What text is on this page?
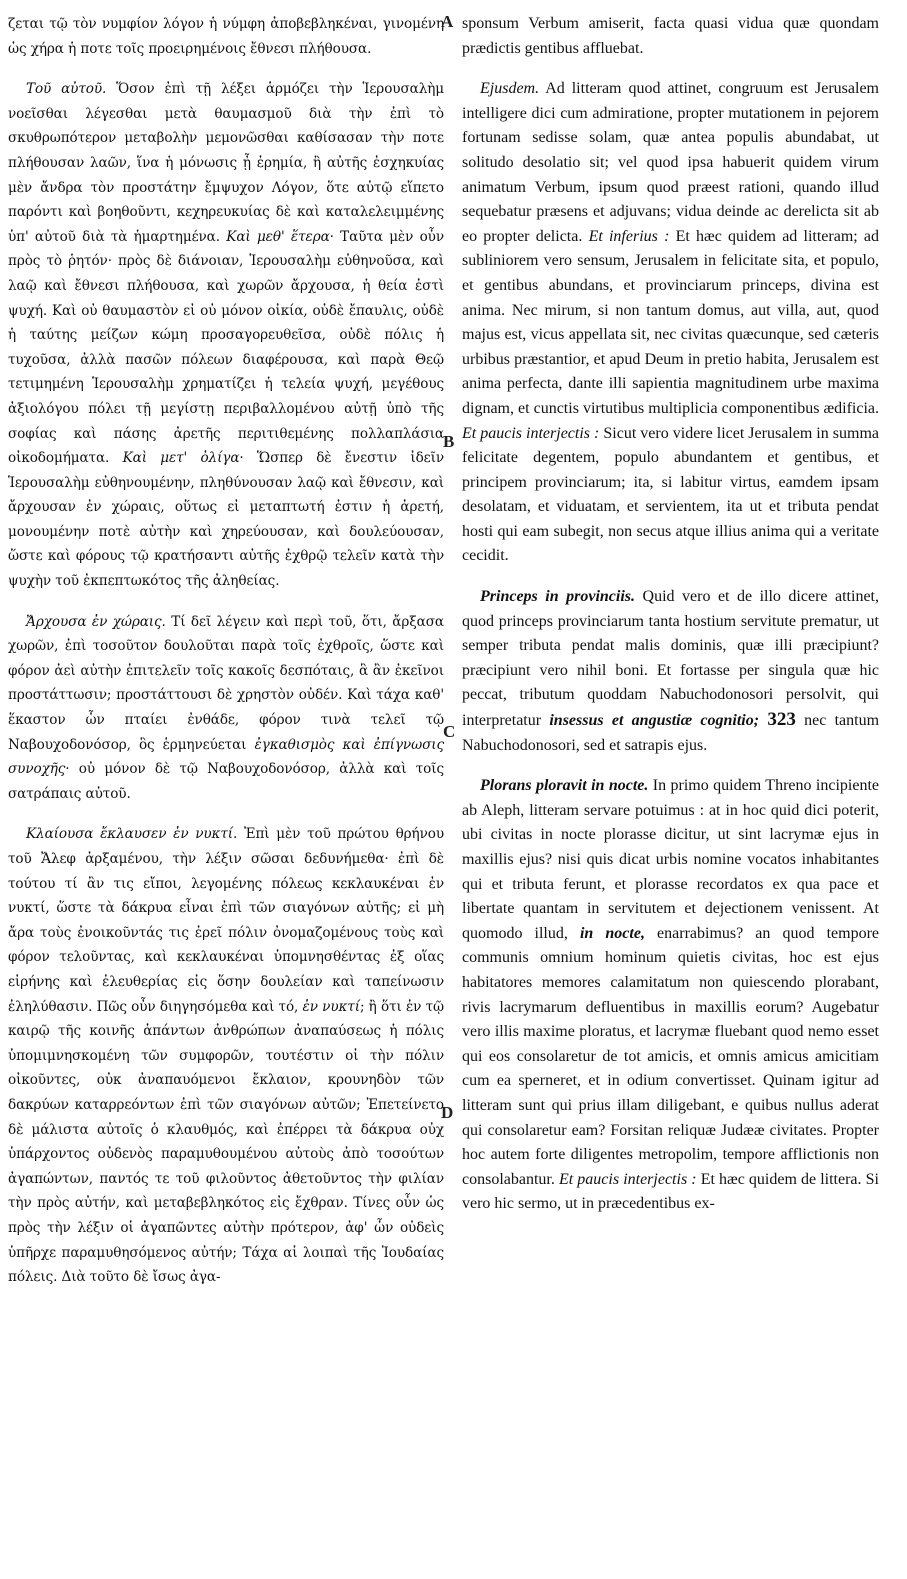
ζεται τῷ τὸν νυμφίον λόγον ἡ νύμφη ἀποβεβληκέναι, γινομένη ὡς χήρα ἡ ποτε τοῖς προειρημένοις ἔθνεσι πλήθουσα.

Τοῦ αὐτοῦ. Ὅσον ἐπὶ τῇ λέξει ἁρμόζει τὴν Ἱερουσαλὴμ νοεῖσθαι λέγεσθαι μετὰ θαυμασμοῦ διὰ τὴν ἐπὶ τὸ σκυθρωπότερον μεταβολὴν μεμονῶσθαι καθίσασαν τὴν ποτε πλήθουσαν λαῶν, ἵνα ἡ μόνωσις ᾖ ἐρημία, ἢ αὐτῆς ἐσχηκυίας μὲν ἄνδρα τὸν προστάτην ἔμψυχον Λόγον, ὅτε αὐτῷ εἵπετο παρόντι καὶ βοηθοῦντι, κεχηρευκυίας δὲ καὶ καταλελειμμένης ὑπ' αὐτοῦ διὰ τὰ ἡμαρτημένα. Καὶ μεθ' ἕτερα· Ταῦτα μὲν οὖν πρὸς τὸ ῥητόν· πρὸς δὲ διάνοιαν, Ἱερουσαλὴμ εὐθηνοῦσα, καὶ λαῷ καὶ ἔθνεσι πλήθουσα, καὶ χωρῶν ἄρχουσα, ἡ θεία ἐστὶ ψυχή. Καὶ οὐ θαυμαστὸν εἰ οὐ μόνον οἰκία, οὐδὲ ἔπαυλις, οὐδὲ ἡ ταύτης μείζων κώμη προσαγορευθεῖσα, οὐδὲ πόλις ἡ τυχοῦσα, ἀλλὰ πασῶν πόλεων διαφέρουσα, καὶ παρὰ Θεῷ τετιμημένη Ἱερουσαλὴμ χρηματίζει ἡ τελεία ψυχή, μεγέθους ἀξιολόγου πόλει τῇ μεγίστῃ περιβαλλομένου αὐτῇ ὑπὸ τῆς σοφίας καὶ πάσης ἀρετῆς περιτιθεμένης πολλαπλάσια οἰκοδομήματα. Καὶ μετ' ὀλίγα· Ὥσπερ δὲ ἔνεστιν ἰδεῖν Ἱερουσαλὴμ εὐθηνουμένην, πληθύνουσαν λαῷ καὶ ἔθνεσιν, καὶ ἄρχουσαν ἐν χώραις, οὕτως εἰ μεταπτωτή ἐστιν ἡ ἀρετή, μονουμένην ποτὲ αὐτὴν καὶ χηρεύουσαν, καὶ δουλεύουσαν, ὥστε καὶ φόρους τῷ κρατήσαντι αὐτῆς ἐχθρῷ τελεῖν κατὰ τὴν ψυχὴν τοῦ ἐκπεπτωκότος τῆς ἀληθείας.

Ἄρχουσα ἐν χώραις. Τί δεῖ λέγειν καὶ περὶ τοῦ, ὅτι, ἄρξασα χωρῶν, ἐπὶ τοσοῦτον δουλοῦται παρὰ τοῖς ἐχθροῖς, ὥστε καὶ φόρον ἀεὶ αὐτὴν ἐπιτελεῖν τοῖς κακοῖς δεσπόταις, ἃ ἂν ἐκεῖνοι προστάττωσιν; προστάττουσι δὲ χρηστὸν οὐδέν. Καὶ τάχα καθ' ἕκαστον ὧν πταίει ἐνθάδε, φόρον τινὰ τελεῖ τῷ Ναβουχοδονόσορ, ὃς ἑρμηνεύεται ἐγκαθισμὸς καὶ ἐπίγνωσις συνοχῆς· οὐ μόνον δὲ τῷ Ναβουχοδονόσορ, ἀλλὰ καὶ τοῖς σατράπαις αὐτοῦ.

Κλαίουσα ἔκλαυσεν ἐν νυκτί. Ἐπὶ μὲν τοῦ πρώτου θρήνου τοῦ Ἄλεφ ἀρξαμένου, τὴν λέξιν σῶσαι δεδυνήμεθα· ἐπὶ δὲ τούτου τί ἂν τις εἴποι, λεγομένης πόλεως κεκλαυκέναι ἐν νυκτί, ὥστε τὰ δάκρυα εἶναι ἐπὶ τῶν σιαγόνων αὐτῆς; εἰ μὴ ἄρα τοὺς ἐνοικοῦντάς τις ἐρεῖ πόλιν ὀνομαζομένους τοὺς καὶ φόρον τελοῦντας, καὶ κεκλαυκέναι ὑπομνησθέντας ἐξ οἵας εἰρήνης καὶ ἐλευθερίας εἰς ὅσην δουλείαν καὶ ταπείνωσιν ἐληλύθασιν. Πῶς οὖν διηγησόμεθα καὶ τό, ἐν νυκτί; ἢ ὅτι ἐν τῷ καιρῷ τῆς κοινῆς ἁπάντων ἀνθρώπων ἀναπαύσεως ἡ πόλις ὑπομιμνησκομένη τῶν συμφορῶν, τουτέστιν οἱ τὴν πόλιν οἰκοῦντες, οὐκ ἀναπαυόμενοι ἔκλαιον, κρουνηδὸν τῶν δακρύων καταρρεόντων ἐπὶ τῶν σιαγόνων αὐτῶν; Ἐπετείνετο δὲ μάλιστα αὐτοῖς ὁ κλαυθμός, καὶ ἐπέρρει τὰ δάκρυα οὐχ ὑπάρχοντος οὐδενὸς παραμυθουμένου αὐτοὺς ἀπὸ τοσούτων ἀγαπώντων, παντός τε τοῦ φιλοῦντος ἀθετοῦντος τὴν φιλίαν τὴν πρὸς αὐτήν, καὶ μεταβεβληκότος εἰς ἔχθραν. Τίνες οὖν ὡς πρὸς τὴν λέξιν οἱ ἀγαπῶντες αὐτὴν πρότερον, ἀφ' ὧν οὐδεὶς ὑπῆρχε παραμυθησόμενος αὐτήν; Τάχα αἱ λοιπαὶ τῆς Ἰουδαίας πόλεις. Διὰ τοῦτο δὲ ἴσως ἀγα-

A
B
C
D

sponsum Verbum amiserit, facta quasi vidua quæ quondam prædictis gentibus affluebat.

Ejusdem. Ad litteram quod attinet, congruum est Jerusalem intelligere dici cum admiratione, propter mutationem in pejorem fortunam sedisse solam, quæ antea populis abundabat, ut solitudo desolatio sit; vel quod ipsa habuerit quidem virum animatum Verbum, ipsum quod præest rationi, quando illud sequebatur præsens et adjuvans; vidua deinde ac derelicta sit ab eo propter delicta. Et inferius : Et hæc quidem ad litteram; ad subliniorem vero sensum, Jerusalem in felicitate sita, et populo, et gentibus abundans, et provinciarum princeps, divina est anima. Nec mirum, si non tantum domus, aut villa, aut, quod majus est, vicus appellata sit, nec civitas quæcunque, sed cæteris urbibus præstantior, et apud Deum in pretio habita, Jerusalem est anima perfecta, dante illi sapientia magnitudinem urbe maxima dignam, et cunctis virtutibus multiplicia componentibus ædificia. Et paucis interjectis : Sicut vero videre licet Jerusalem in summa felicitate degentem, populo abundantem et gentibus, et principem provinciarum; ita, si labitur virtus, eamdem ipsam desolatam, et viduatam, et servientem, ita ut et tributa pendat hosti qui eam subegit, non secus atque illius anima qui a veritate cecidit.

Princeps in provinciis. Quid vero et de illo dicere attinet, quod princeps provinciarum tanta hostium servitute prematur, ut semper tributa pendat malis dominis, quæ illi præcipiunt? præcipiunt vero nihil boni. Et fortasse per singula quæ hic peccat, tributum quoddam Nabuchodonosori persolvit, qui interpretatur insessus et angustiæ cognitio; 323 nec tantum Nabuchodonosori, sed et satrapis ejus.

Plorans ploravit in nocte. In primo quidem Threno incipiente ab Aleph, litteram servare potuimus : at in hoc quid dici poterit, ubi civitas in nocte plorasse dicitur, ut sint lacrymæ ejus in maxillis ejus? nisi quis dicat urbis nomine vocatos inhabitantes qui et tributa ferunt, et plorasse recordatos ex qua pace et libertate quantam in servitutem et dejectionem venissent. At quomodo illud, in nocte, enarrabimus? an quod tempore communis omnium hominum quietis civitas, hoc est ejus habitatores memores calamitatum non quiescendo plorabant, rivis lacrymarum defluentibus in maxillis eorum? Augebatur vero illis maxime ploratus, et lacrymæ fluebant quod nemo esset qui eos consolaretur de tot amicis, et omnis amicus amicitiam cum ea sperneret, et in odium convertisset. Quinam igitur ad litteram sunt qui prius illam diligebant, e quibus nullus aderat qui consolaretur eam? Forsitan reliquæ Judææ civitates. Propter hoc autem forte diligentes metropolim, tempore afflictionis non consolabantur. Et paucis interjectis : Et hæc quidem de littera. Si vero hic sermo, ut in præcedentibus ex-
